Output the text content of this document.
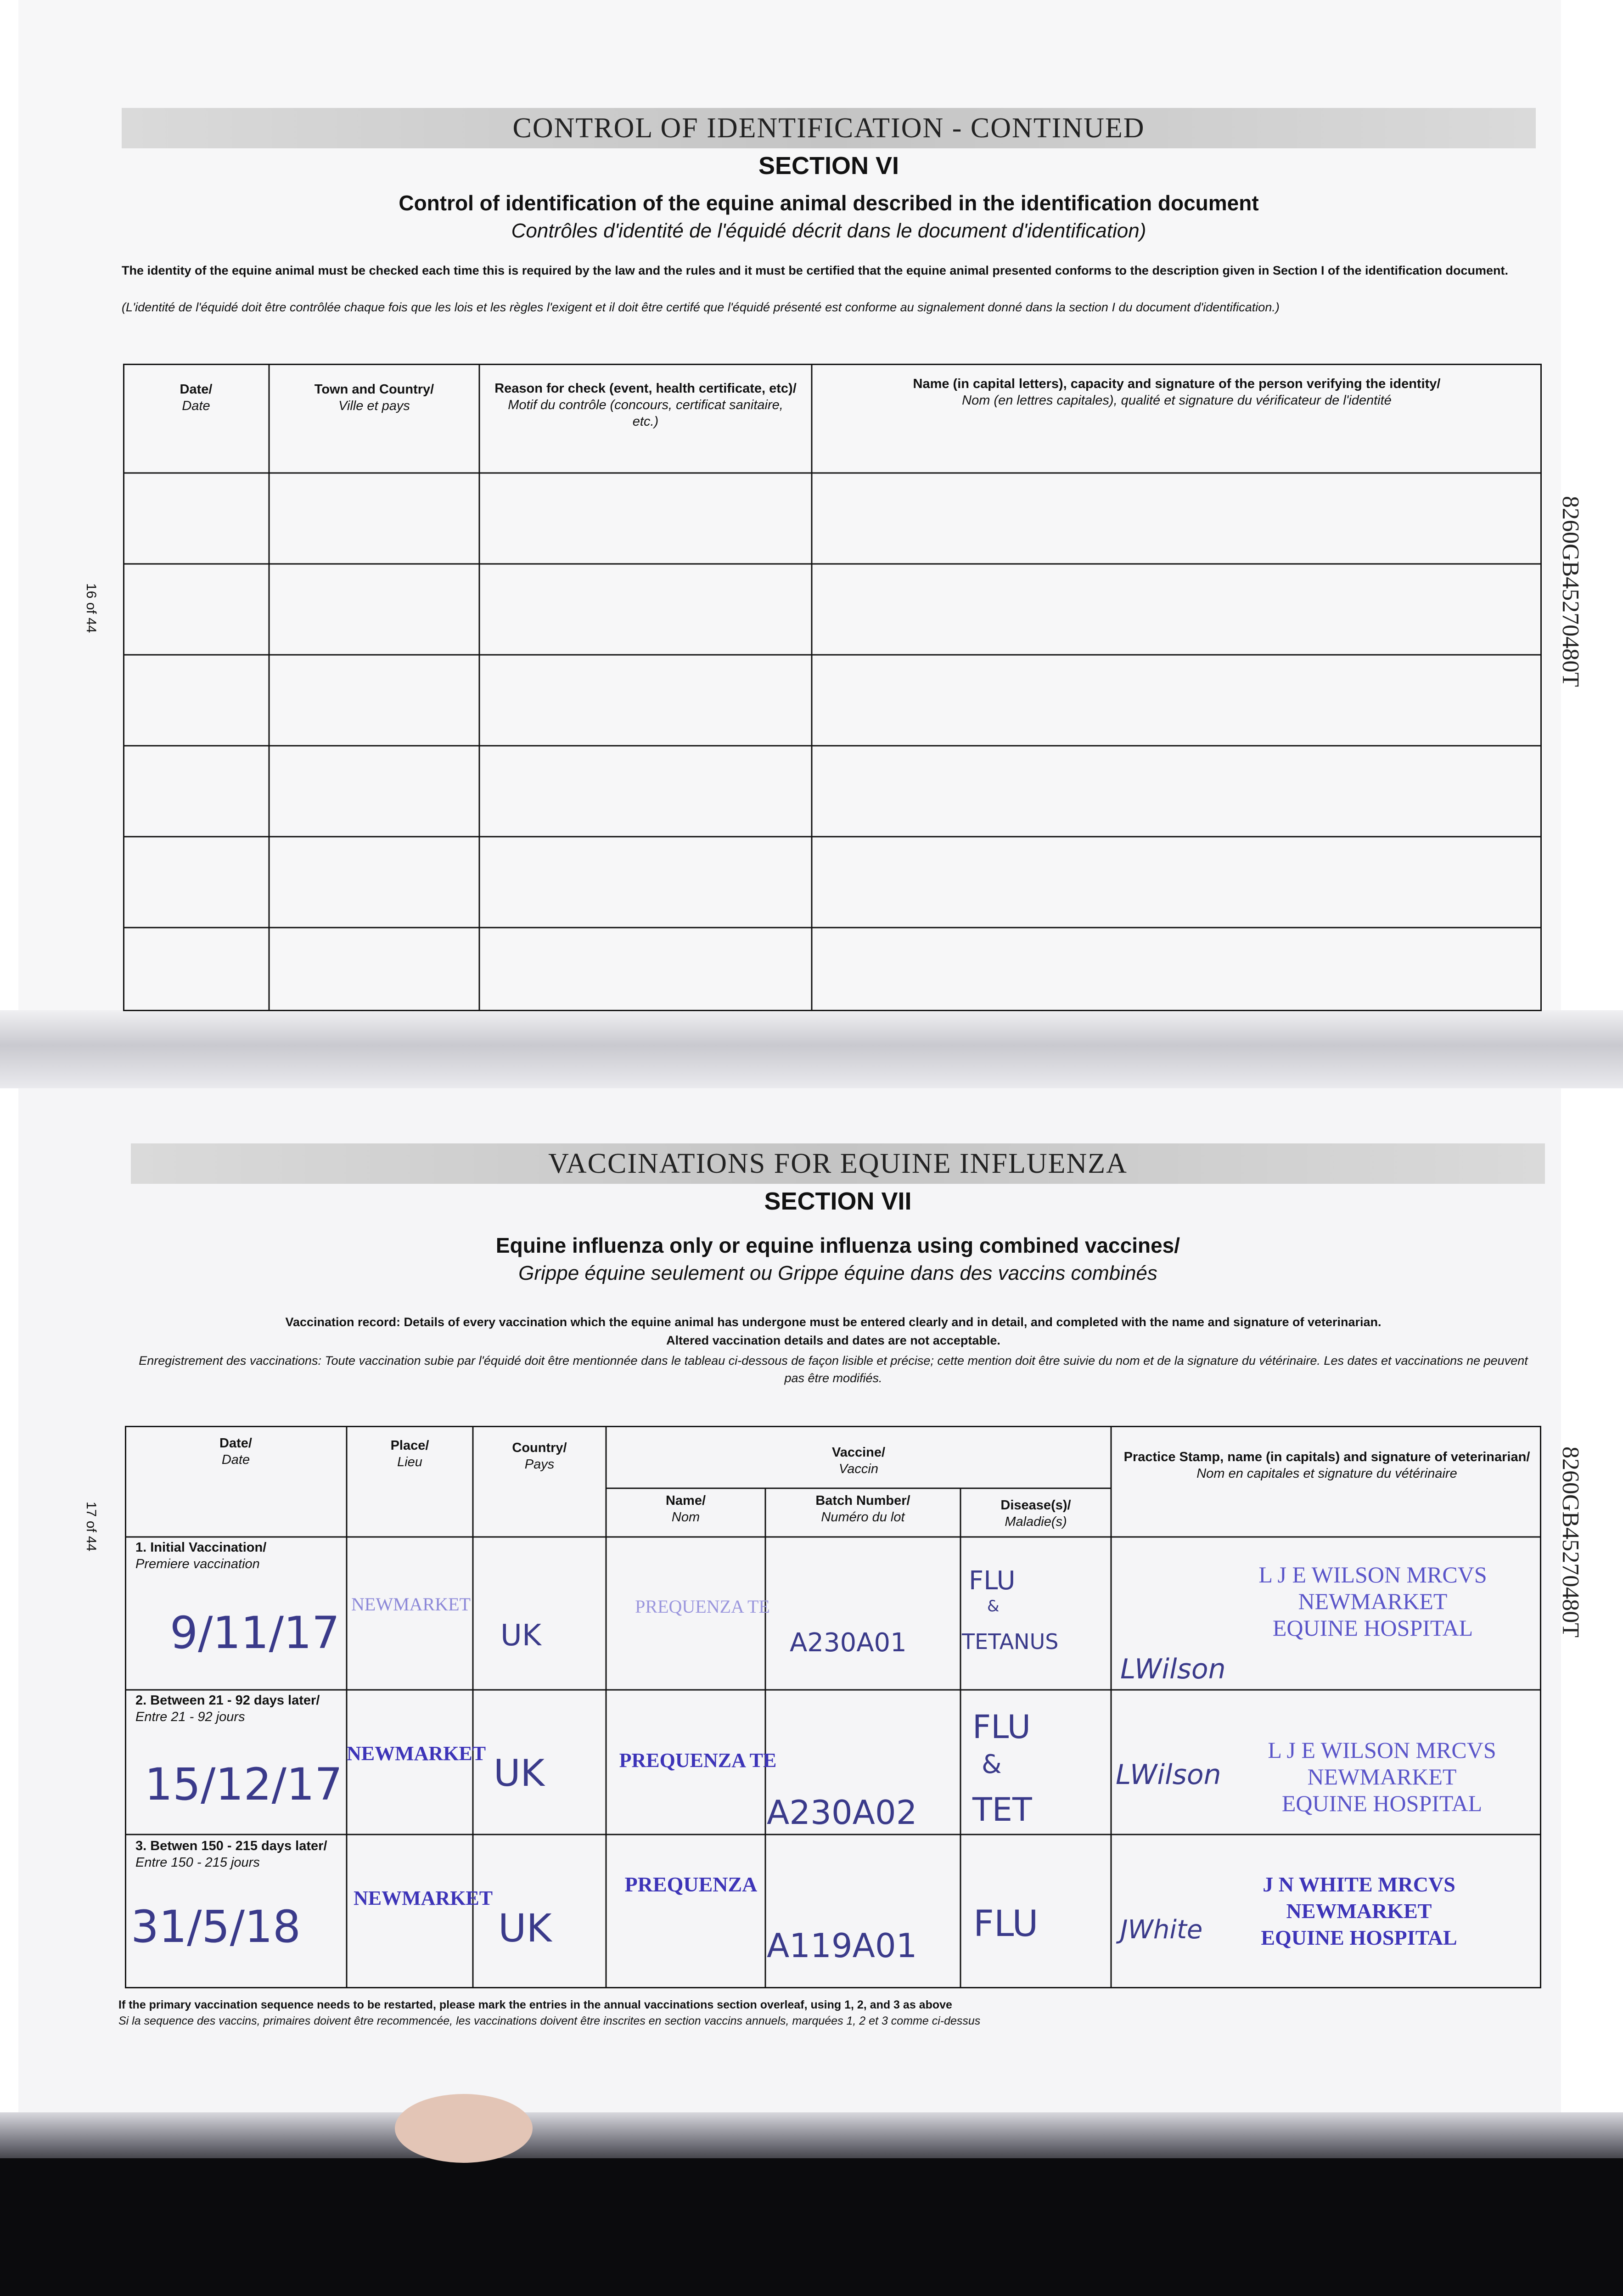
16 of 44
17 of 44
8260GB45270480T
8260GB45270480T
CONTROL OF IDENTIFICATION - CONTINUED
SECTION VI
Control of identification of the equine animal described in the identification document
Contrôles d'identité de l'équidé décrit dans le document d'identification)
The identity of the equine animal must be checked each time this is required by the law and the rules and it must be certified that the equine animal presented conforms to the description given in Section I of the identification document.
(L'identité de l'équidé doit être contrôlée chaque fois que les lois et les règles l'exigent et il doit être certifé que l'équidé présenté est conforme au signalement donné dans la section I du document d'identification.)
Date/
Date
Town and Country/
Ville et pays
Reason for check (event, health certificate, etc)/
Motif du contrôle (concours, certificat sanitaire, etc.)
Name (in capital letters), capacity and signature of the person verifying the identity/
Nom (en lettres capitales), qualité et signature du vérificateur de l'identité
VACCINATIONS FOR EQUINE INFLUENZA
SECTION VII
Equine influenza only or equine influenza using combined vaccines/
Grippe équine seulement ou Grippe équine dans des vaccins combinés
Vaccination record: Details of every vaccination which the equine animal has undergone must be entered clearly and in detail, and completed with the name and signature of veterinarian.
Altered vaccination details and dates are not acceptable.
Enregistrement des vaccinations: Toute vaccination subie par l'équidé doit être mentionnée dans le tableau ci-dessous de façon lisible et précise; cette mention doit être suivie du nom et de la signature du vétérinaire. Les dates et vaccinations ne peuvent pas être modifiés.
Date/
Date
Place/
Lieu
Country/
Pays
Vaccine/
Vaccin
Name/
Nom
Batch Number/
Numéro du lot
Disease(s)/
Maladie(s)
Practice Stamp, name (in capitals) and signature of veterinarian/
Nom en capitales et signature du vétérinaire
1. Initial Vaccination/
Premiere vaccination
9/11/17
NEWMARKET
UK
PREQUENZA TE
A230A01
FLU
&
TETANUS
L J E WILSON MRCVS
NEWMARKET
EQUINE HOSPITAL
LWilson
2. Between 21 - 92 days later/
Entre 21 - 92 jours
15/12/17
NEWMARKET UK	PREQUENZA TE
A230A02
FLU
&
TET
L J E WILSON MRCVS
NEWMARKET
EQUINE HOSPITAL
LWilson
3. Betwen 150 - 215 days later/
Entre 150 - 215 jours
31/5/18
NEWMARKET
UK
PREQUENZA
A119A01
FLU
J N WHITE MRCVS
NEWMARKET
EQUINE HOSPITAL
JWhite
If the primary vaccination sequence needs to be restarted, please mark the entries in the annual vaccinations section overleaf, using 1, 2, and 3 as above
Si la sequence des vaccins, primaires doivent être recommencée, les vaccinations doivent être inscrites en section vaccins annuels, marquées 1, 2 et 3 comme ci-dessus
